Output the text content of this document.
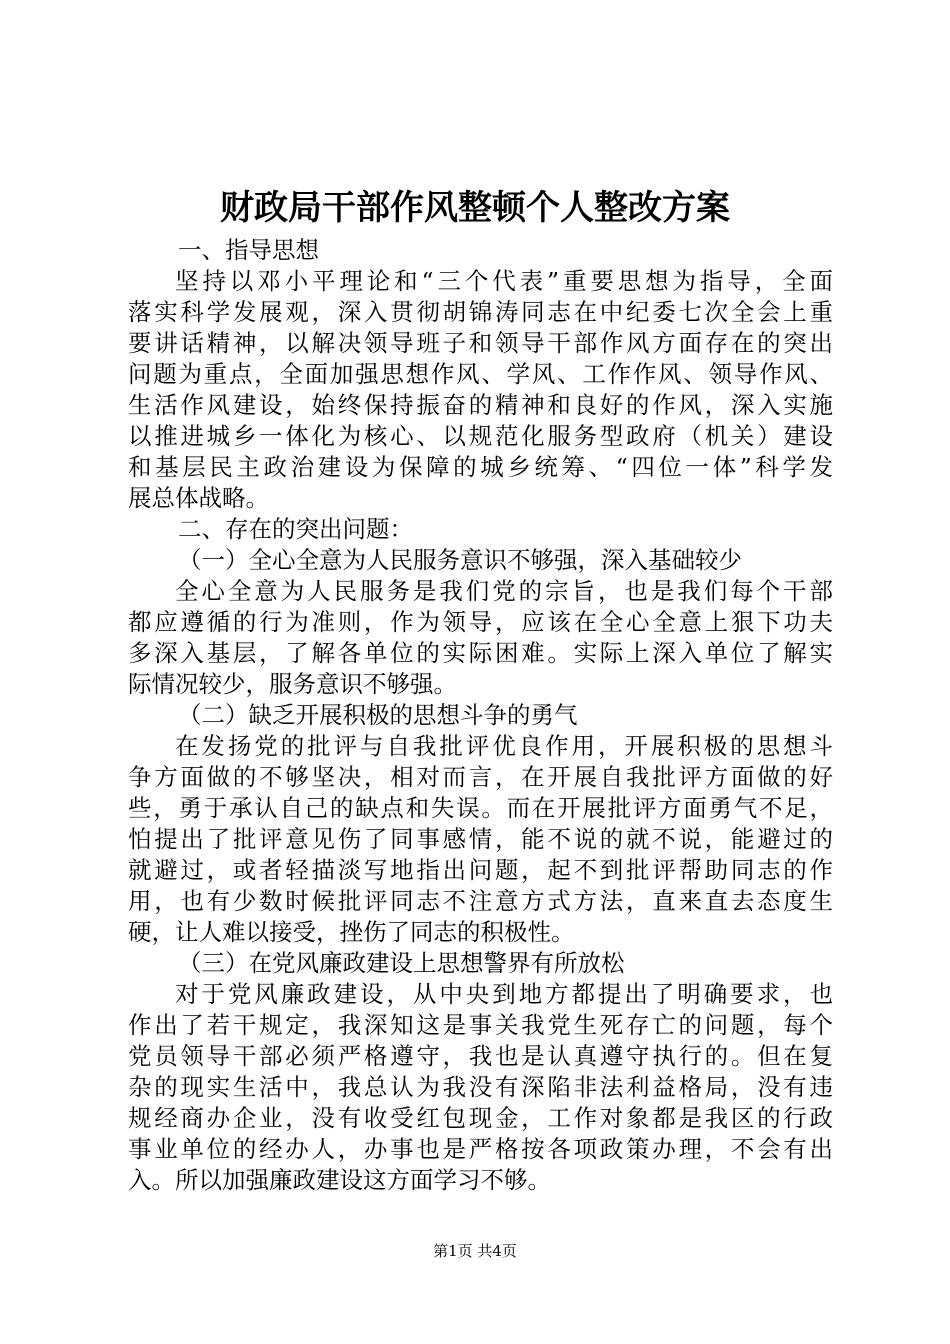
财政局干部作风整顿个人整改方案
一、指导思想
坚持以邓小平理论和“三个代表”重要思想为指导，全面
落实科学发展观，深入贯彻胡锦涛同志在中纪委七次全会上重
要讲话精神，以解决领导班子和领导干部作风方面存在的突出
问题为重点，全面加强思想作风、学风、工作作风、领导作风、
生活作风建设，始终保持振奋的精神和良好的作风，深入实施
以推进城乡一体化为核心、以规范化服务型政府（机关）建设
和基层民主政治建设为保障的城乡统筹、“四位一体”科学发
展总体战略。
二、存在的突出问题：
（一）全心全意为人民服务意识不够强，深入基础较少
全心全意为人民服务是我们党的宗旨，也是我们每个干部
都应遵循的行为准则，作为领导，应该在全心全意上狠下功夫
多深入基层，了解各单位的实际困难。实际上深入单位了解实
际情况较少，服务意识不够强。
（二）缺乏开展积极的思想斗争的勇气
在发扬党的批评与自我批评优良作用，开展积极的思想斗
争方面做的不够坚决，相对而言，在开展自我批评方面做的好
些，勇于承认自己的缺点和失误。而在开展批评方面勇气不足，
怕提出了批评意见伤了同事感情，能不说的就不说，能避过的
就避过，或者轻描淡写地指出问题，起不到批评帮助同志的作
用，也有少数时候批评同志不注意方式方法，直来直去态度生
硬，让人难以接受，挫伤了同志的积极性。
（三）在党风廉政建设上思想警界有所放松
对于党风廉政建设，从中央到地方都提出了明确要求，也
作出了若干规定，我深知这是事关我党生死存亡的问题，每个
党员领导干部必须严格遵守，我也是认真遵守执行的。但在复
杂的现实生活中，我总认为我没有深陷非法利益格局，没有违
规经商办企业，没有收受红包现金，工作对象都是我区的行政
事业单位的经办人，办事也是严格按各项政策办理，不会有出
入。所以加强廉政建设这方面学习不够。
第1页 共4页
